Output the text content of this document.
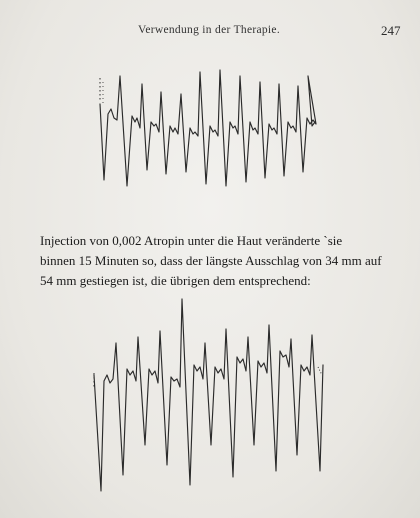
Verwendung in der Therapie.	247
Injection von 0,002 Atropin unter die Haut veränderte `sie
binnen 15 Minuten so, dass der längste Ausschlag von 34 mm auf
54 mm gestiegen ist, die übrigen dem entsprechend:
